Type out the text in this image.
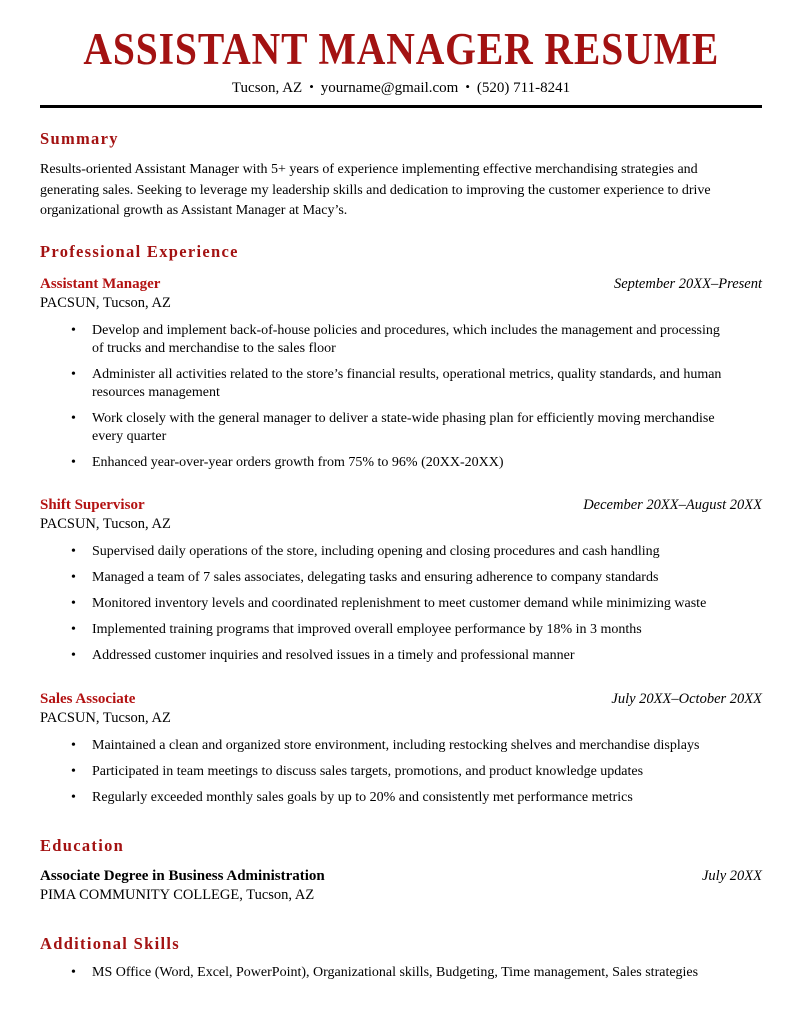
ASSISTANT MANAGER RESUME
Tucson, AZ • yourname@gmail.com • (520) 711-8241
Summary

Results-oriented Assistant Manager with 5+ years of experience implementing effective merchandising strategies and generating sales. Seeking to leverage my leadership skills and dedication to improving the customer experience to drive organizational growth as Assistant Manager at Macy’s.

Professional Experience
Assistant Manager	September 20XX–Present
PACSUN, Tucson, AZ
• Develop and implement back-of-house policies and procedures, which includes the management and processing of trucks and merchandise to the sales floor
• Administer all activities related to the store’s financial results, operational metrics, quality standards, and human resources management
• Work closely with the general manager to deliver a state-wide phasing plan for efficiently moving merchandise every quarter
• Enhanced year-over-year orders growth from 75% to 96% (20XX-20XX)
Shift Supervisor	December 20XX–August 20XX
PACSUN, Tucson, AZ
• Supervised daily operations of the store, including opening and closing procedures and cash handling
• Managed a team of 7 sales associates, delegating tasks and ensuring adherence to company standards
• Monitored inventory levels and coordinated replenishment to meet customer demand while minimizing waste
• Implemented training programs that improved overall employee performance by 18% in 3 months
• Addressed customer inquiries and resolved issues in a timely and professional manner
Sales Associate	July 20XX–October 20XX
PACSUN, Tucson, AZ
• Maintained a clean and organized store environment, including restocking shelves and merchandise displays
• Participated in team meetings to discuss sales targets, promotions, and product knowledge updates
• Regularly exceeded monthly sales goals by up to 20% and consistently met performance metrics
Education
Associate Degree in Business Administration	July 20XX
PIMA COMMUNITY COLLEGE, Tucson, AZ
Additional Skills
• MS Office (Word, Excel, PowerPoint), Organizational skills, Budgeting, Time management, Sales strategies
